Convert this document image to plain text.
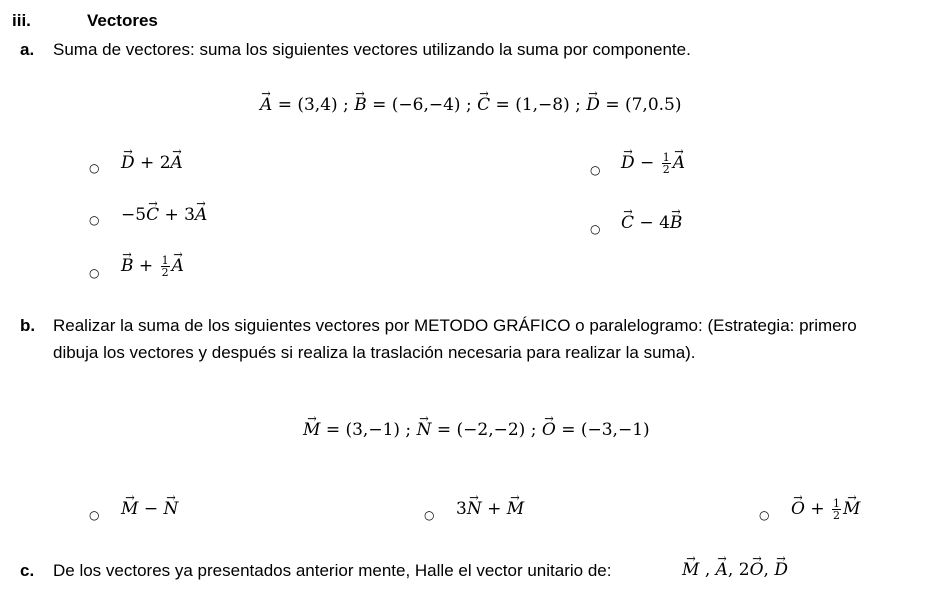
iii.	Vectores
a. Suma de vectores: suma los siguientes vectores utilizando la suma por componente.
→ A = (3,4) ; → B = (−6,−4) ; → C = (1,−8) ; → D = (7,0.5)
○
→ D + 2→ A	○
→ $D - \frac{1}{2}$
→ A
○ −5→ C + 3→ A
○
→ C − 4→ B
○
→ $B + \frac{1}{2}$
→ A
b. Realizar la suma de los siguientes vectores por METODO GRÁFICO o paralelogramo: (Estrategia: primero
dibuja los vectores y después si realiza la traslación necesaria para realizar la suma).
→ M = (3,−1) ; → N = (−2,−2) ; → O = (−3,−1)
○
→ M − → N	○ 3→ N + → M	○
→ $O + \frac{1}{2}$
→ M
c. De los vectores ya presentados anterior mente, Halle el vector unitario de:
→	M , → A, 2→ O, → D
